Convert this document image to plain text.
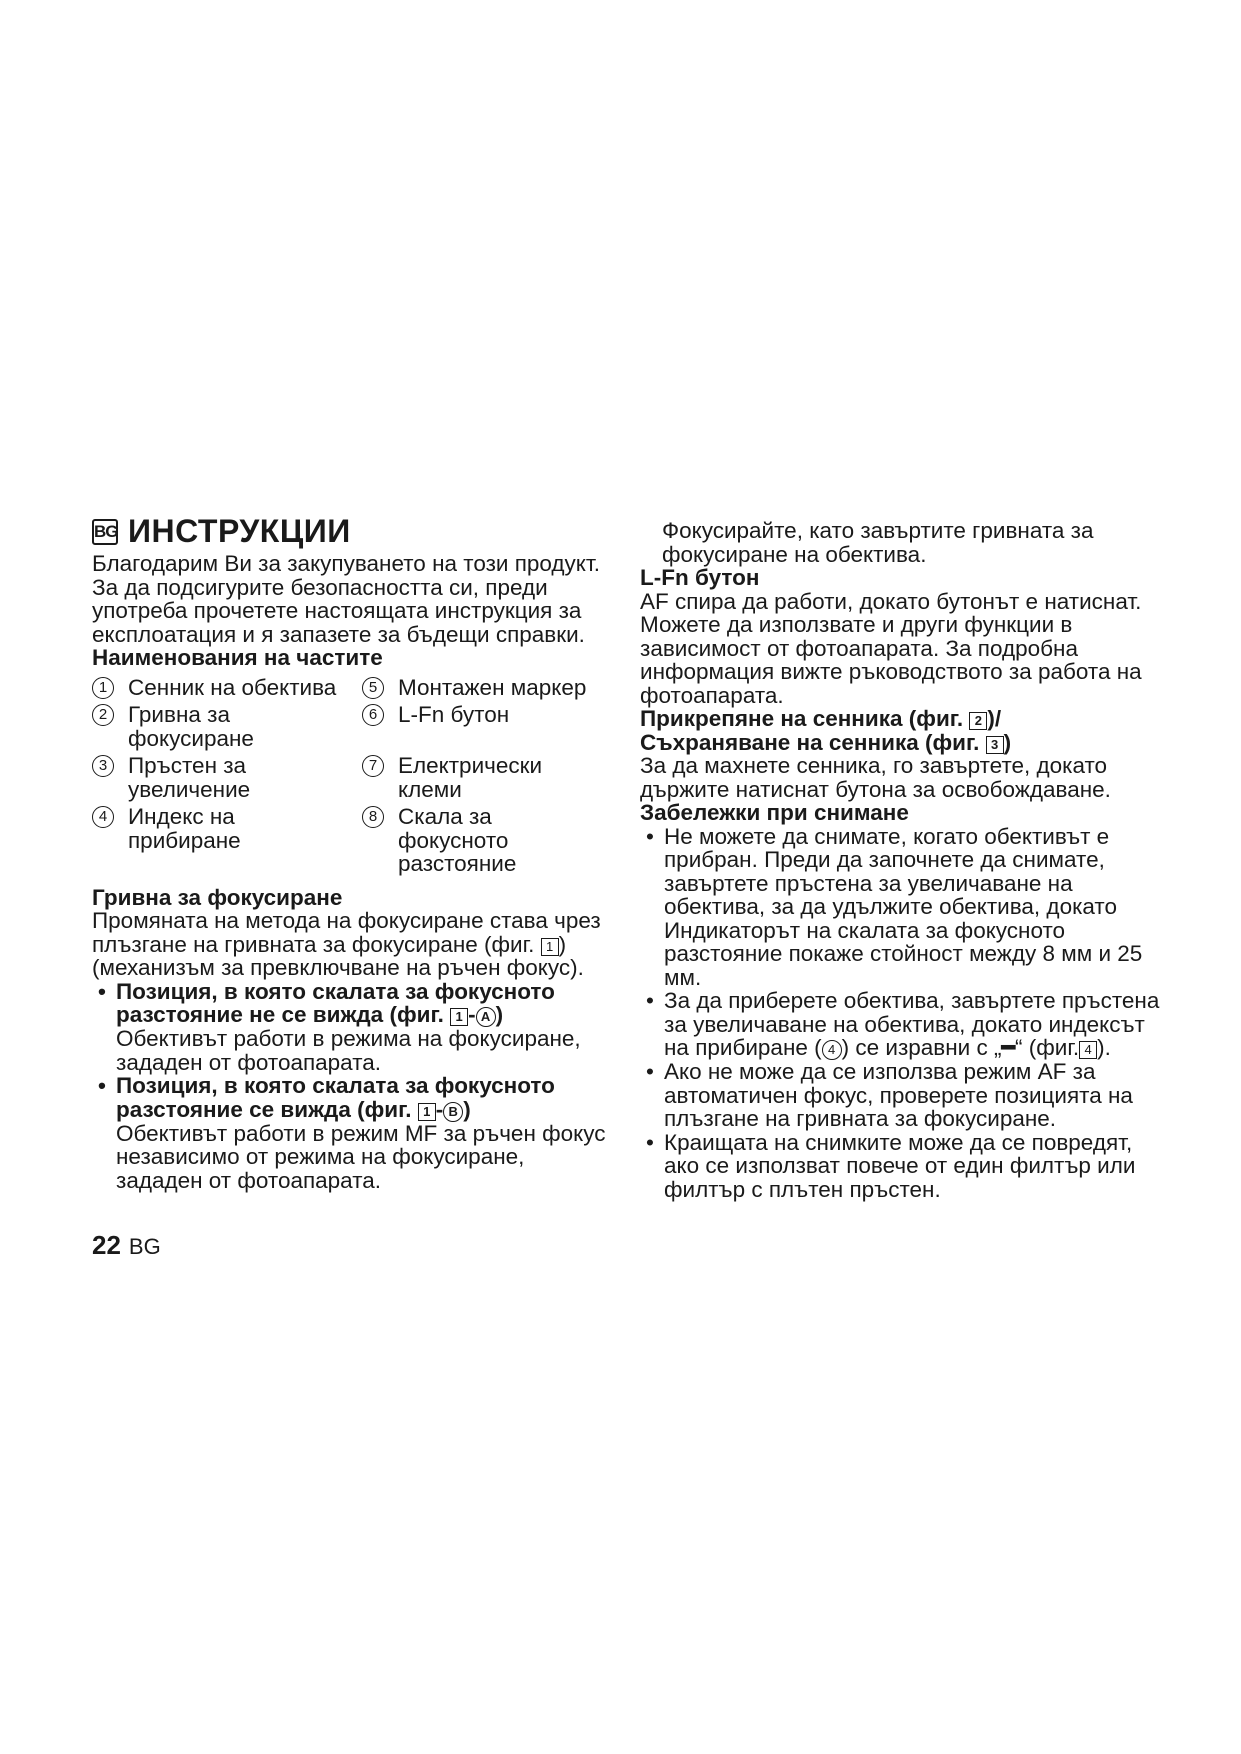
BG ИНСТРУКЦИИ

Благодарим Ви за закупуването на този продукт. За да подсигурите безопасността си, преди употреба прочетете настоящата инструкция за експлоатация и я запазете за бъдещи справки.

Наименования на частите

1 Сенник на обектива	5 Монтажен маркер
2 Гривна за фокусиране
6 L-Fn бутон
3 Пръстен за увеличение
7 Електрически клеми
4 Индекс на прибиране
8 Скала за фокусното разстояние

Гривна за фокусиране

Промяната на метода на фокусиране става чрез плъзгане на гривната за фокусиране (фиг. 1 ) (механизъм за превключване на ръчен фокус).

• Позиция, в която скалата за фокусното разстояние не се вижда (фиг. 1 - A )
Обективът работи в режима на фокусиране, зададен от фотоапарата.
• Позиция, в която скалата за фокусното разстояние се вижда (фиг. 1 - B )
Обективът работи в режим MF за ръчен фокус независимо от режима на фокусиране, зададен от фотоапарата.

Фокусирайте, като завъртите гривната за фокусиране на обектива.

L-Fn бутон

AF спира да работи, докато бутонът е натиснат. Можете да използвате и други функции в зависимост от фотоапарата. За подробна информация вижте ръководството за работа на фотоапарата.

Прикрепяне на сенника (фиг. 2 )/
Съхраняване на сенника (фиг. 3 )

За да махнете сенника, го завъртете, докато държите натиснат бутона за освобождаване.

Забележки при снимане

• Не можете да снимате, когато обективът е прибран. Преди да започнете да снимате, завъртете пръстена за увеличаване на обектива, за да удължите обектива, докато Индикаторът на скалата за фокусното разстояние покаже стойност между 8 мм и 25 мм.
• За да приберете обектива, завъртете пръстена за увеличаване на обектива, докато индексът на прибиране ( 4 ) се изравни с „━“ (фиг. 4 ).
• Ако не може да се използва режим AF за автоматичен фокус, проверете позицията на плъзгане на гривната за фокусиране.
• Краищата на снимките може да се повредят, ако се използват повече от един филтър или филтър с плътен пръстен.
22 BG
